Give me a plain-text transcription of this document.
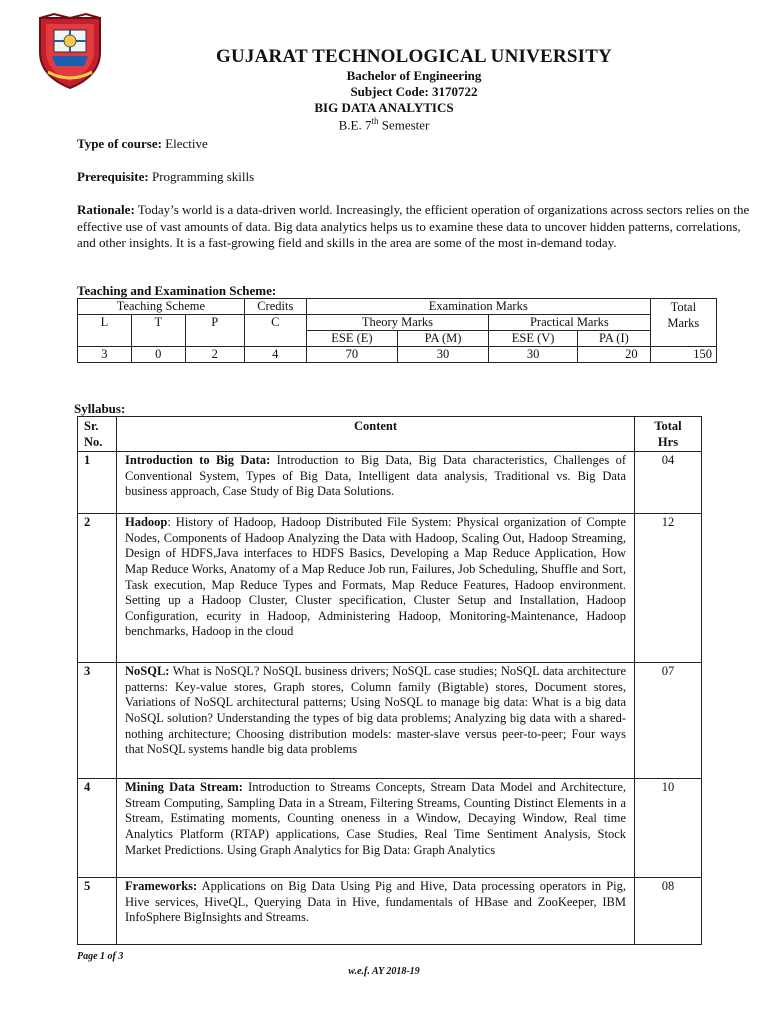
GUJARAT TECHNOLOGICAL UNIVERSITY
Bachelor of Engineering
Subject Code: 3170722
BIG DATA ANALYTICS
B.E. 7th Semester
Type of course: Elective
Prerequisite: Programming skills
Rationale: Today’s world is a data-driven world. Increasingly, the efficient operation of organizations across sectors relies on the effective use of vast amounts of data. Big data analytics helps us to examine these data to uncover hidden patterns, correlations, and other insights. It is a fast-growing field and skills in the area are some of the most in-demand today.
Teaching and Examination Scheme:
Teaching Scheme			Credits	Examination Marks				Total
Marks
L	T	P	C	Theory Marks		Practical Marks		
				ESE (E)	PA (M)	ESE (V)	PA (I)	
3	0	2	4	70	30	30	20	150
Syllabus:
Sr.
No.	Content	Total
Hrs
1	Introduction to Big Data: Introduction to Big Data, Big Data characteristics, Challenges of Conventional System, Types of Big Data, Intelligent data analysis, Traditional vs. Big Data business approach, Case Study of Big Data Solutions.	04
2	Hadoop: History of Hadoop, Hadoop Distributed File System: Physical organization of Compte Nodes, Components of Hadoop Analyzing the Data with Hadoop, Scaling Out, Hadoop Streaming, Design of HDFS,Java interfaces to HDFS Basics, Developing a Map Reduce Application, How Map Reduce Works, Anatomy of a Map Reduce Job run, Failures, Job Scheduling, Shuffle and Sort, Task execution, Map Reduce Types and Formats, Map Reduce Features, Hadoop environment. Setting up a Hadoop Cluster, Cluster specification, Cluster Setup and Installation, Hadoop Configuration, ecurity in Hadoop, Administering Hadoop, Monitoring-Maintenance, Hadoop benchmarks, Hadoop in the cloud	12
3	NoSQL: What is NoSQL? NoSQL business drivers; NoSQL case studies; NoSQL data architecture patterns: Key-value stores, Graph stores, Column family (Bigtable) stores, Document stores, Variations of NoSQL architectural patterns; Using NoSQL to manage big data: What is a big data NoSQL solution? Understanding the types of big data problems; Analyzing big data with a shared-nothing architecture; Choosing distribution models: master-slave versus peer-to-peer; Four ways that NoSQL systems handle big data problems	07
4	Mining Data Stream: Introduction to Streams Concepts, Stream Data Model and Architecture, Stream Computing, Sampling Data in a Stream, Filtering Streams, Counting Distinct Elements in a Stream, Estimating moments, Counting oneness in a Window, Decaying Window, Real time Analytics Platform (RTAP) applications, Case Studies, Real Time Sentiment Analysis, Stock Market Predictions. Using Graph Analytics for Big Data: Graph Analytics	10
5	Frameworks: Applications on Big Data Using Pig and Hive, Data processing operators in Pig, Hive services, HiveQL, Querying Data in Hive, fundamentals of HBase and ZooKeeper, IBM InfoSphere BigInsights and Streams.	08
Page 1 of 3
w.e.f. AY 2018-19
